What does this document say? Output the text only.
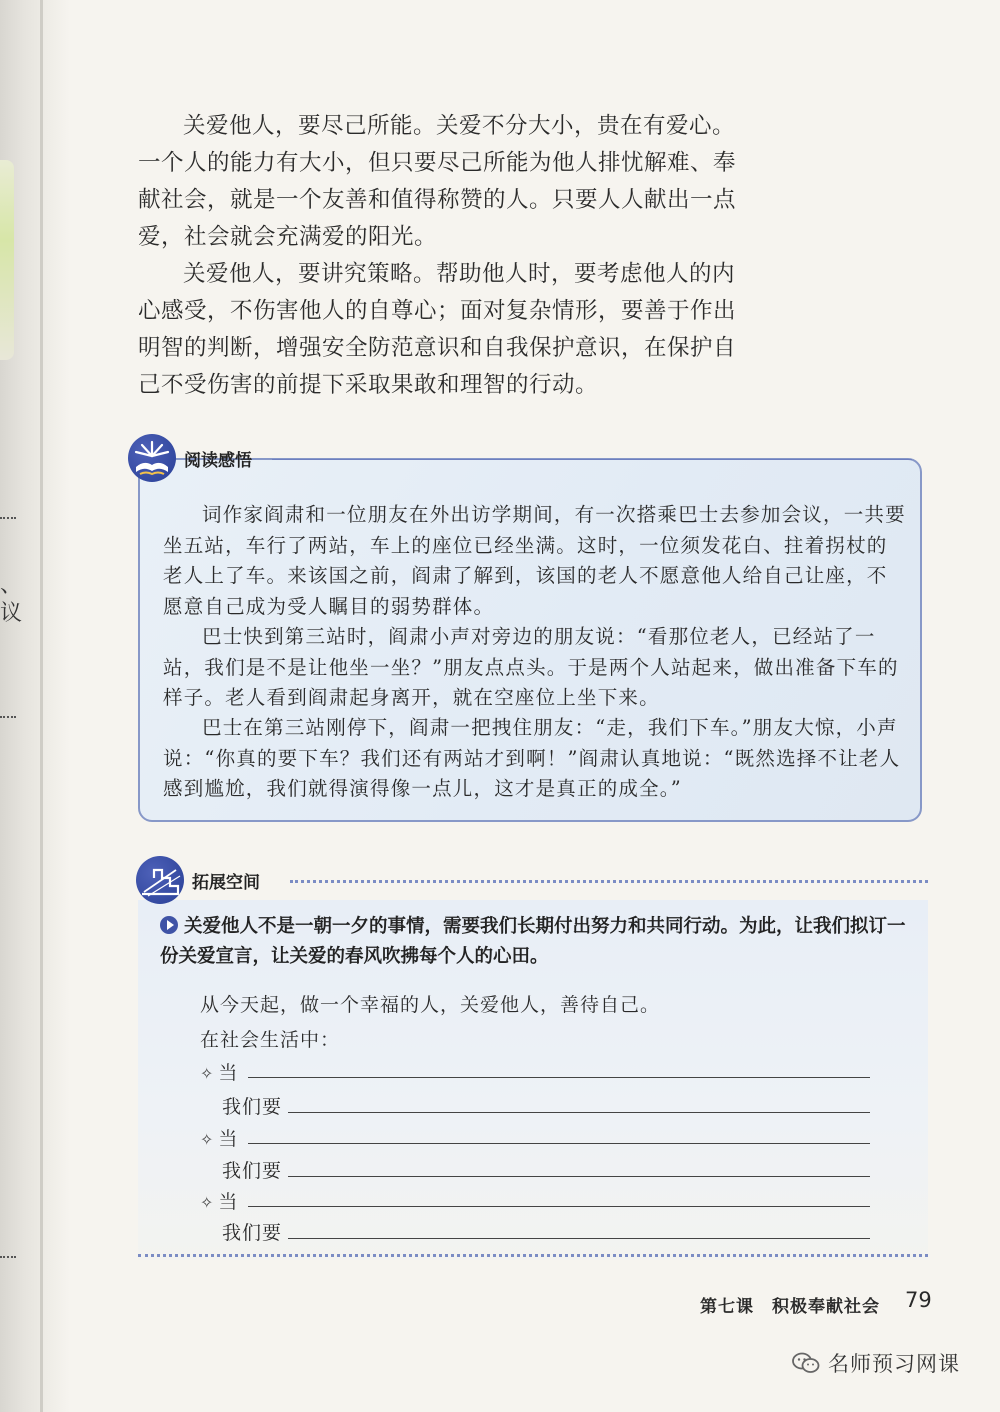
、
议

关爱他人，要尽己所能。关爱不分大小，贵在有爱心。一个人的能力有大小，但只要尽己所能为他人排忧解难、奉献社会，就是一个友善和值得称赞的人。只要人人献出一点爱，社会就会充满爱的阳光。

关爱他人，要讲究策略。帮助他人时，要考虑他人的内心感受，不伤害他人的自尊心；面对复杂情形，要善于作出明智的判断，增强安全防范意识和自我保护意识，在保护自己不受伤害的前提下采取果敢和理智的行动。

阅读感悟

词作家阎肃和一位朋友在外出访学期间，有一次搭乘巴士去参加会议，一共要坐五站，车行了两站，车上的座位已经坐满。这时，一位须发花白、拄着拐杖的老人上了车。来该国之前，阎肃了解到，该国的老人不愿意他人给自己让座，不愿意自己成为受人瞩目的弱势群体。

巴士快到第三站时，阎肃小声对旁边的朋友说：“看那位老人，已经站了一站，我们是不是让他坐一坐？”朋友点点头。于是两个人站起来，做出准备下车的样子。老人看到阎肃起身离开，就在空座位上坐下来。

巴士在第三站刚停下，阎肃一把拽住朋友：“走，我们下车。”朋友大惊，小声说：“你真的要下车？我们还有两站才到啊！”阎肃认真地说：“既然选择不让老人感到尴尬，我们就得演得像一点儿，这才是真正的成全。”

拓展空间

关爱他人不是一朝一夕的事情，需要我们长期付出努力和共同行动。为此，让我们拟订一份关爱宣言，让关爱的春风吹拂每个人的心田。

从今天起，做一个幸福的人，关爱他人，善待自己。
在社会生活中：
✧ 当
我们要
✧ 当
我们要
✧ 当
我们要
第七课　积极奉献社会 79
名师预习网课
